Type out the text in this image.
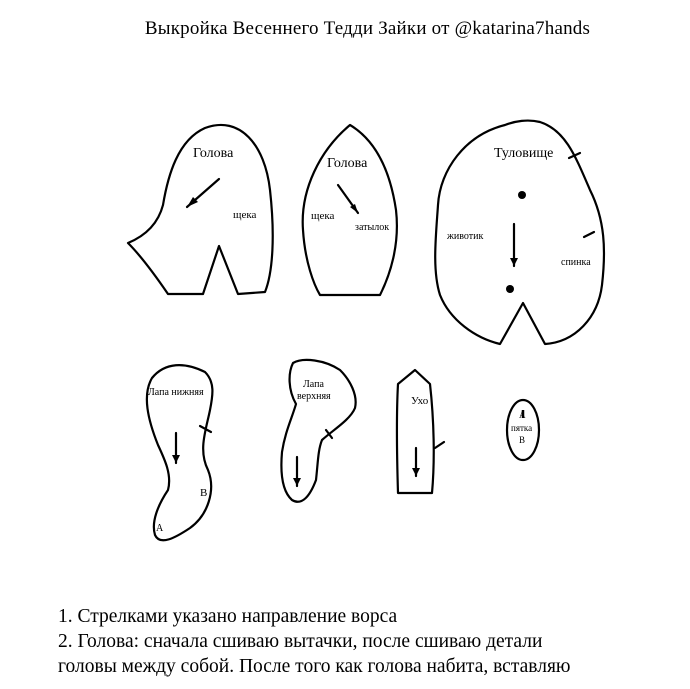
Выкройка Весеннего Тедди Зайки от @katarina7hands
Голова
щека
Голова
щека
затылок
Туловище
животик
спинка
Лапа нижняя
А
В
Лапа
верхняя	Ухо
А
пятка
В
1. Стрелками указано направление ворса
2. Голова: сначала сшиваю вытачки, после сшиваю детали
головы между собой. После того как голова набита, вставляю
